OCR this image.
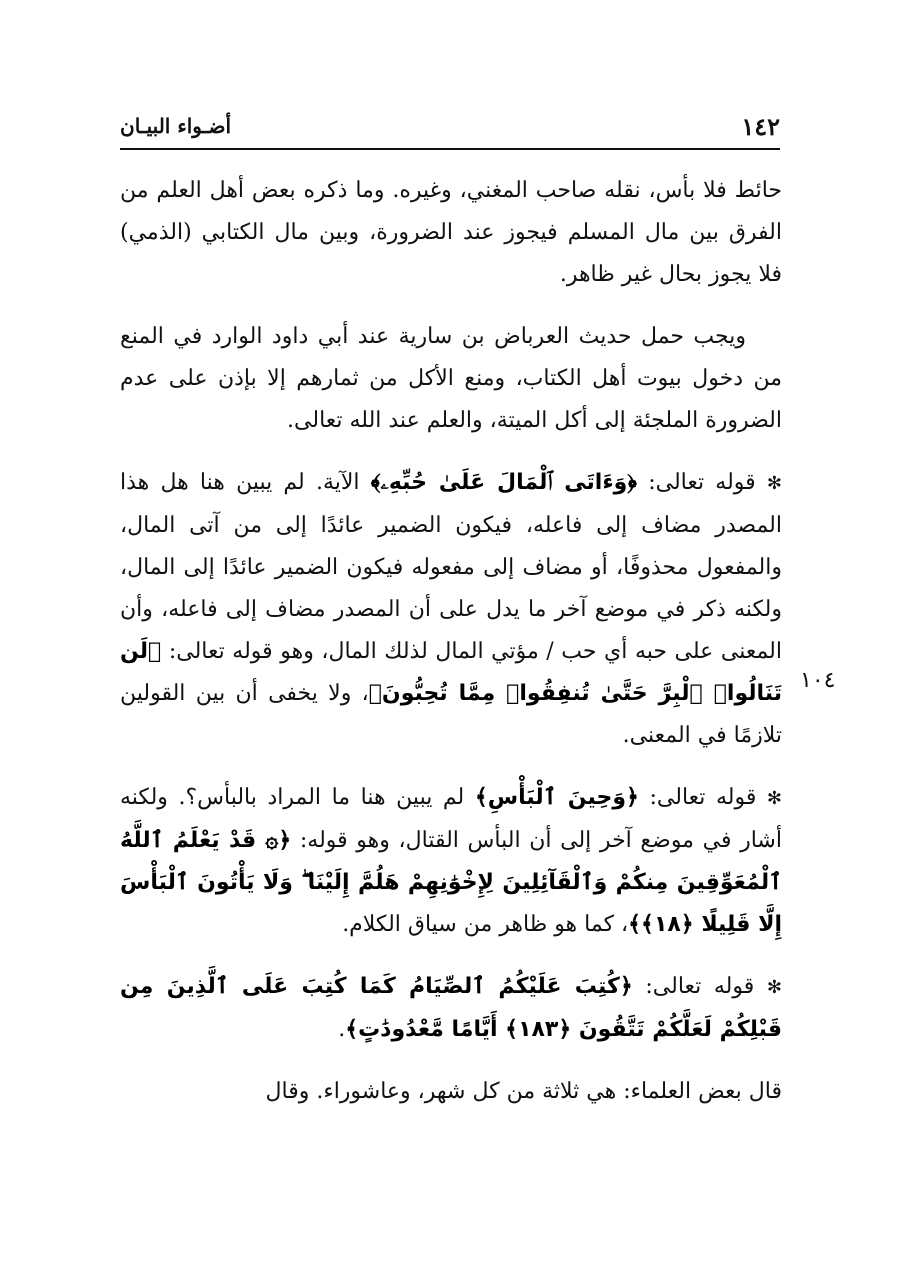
١٤٢
أضـواء البيـان
١٠٤

حائط فلا بأس، نقله صاحب المغني، وغيره. وما ذكره بعض أهل العلم من الفرق بين مال المسلم فيجوز عند الضرورة، وبين مال الكتابي (الذمي) فلا يجوز بحال غير ظاهر.

ويجب حمل حديث العرباض بن سارية عند أبي داود الوارد في المنع من دخول بيوت أهل الكتاب، ومنع الأكل من ثمارهم إلا بإذن على عدم الضرورة الملجئة إلى أكل الميتة، والعلم عند الله تعالى.

✻ قوله تعالى: ﴿وَءَاتَى ٱلْمَالَ عَلَىٰ حُبِّهِۦ﴾ الآية. لم يبين هنا هل هذا المصدر مضاف إلى فاعله، فيكون الضمير عائدًا إلى من آتى المال، والمفعول محذوفًا، أو مضاف إلى مفعوله فيكون الضمير عائدًا إلى المال، ولكنه ذكر في موضع آخر ما يدل على أن المصدر مضاف إلى فاعله، وأن المعنى على حبه أي حب / مؤتي المال لذلك المال، وهو قوله تعالى: ﴿لَن تَنَالُوا۟ ٱلْبِرَّ حَتَّىٰ تُنفِقُوا۟ مِمَّا تُحِبُّونَ﴾، ولا يخفى أن بين القولين تلازمًا في المعنى.

✻ قوله تعالى: ﴿وَحِينَ ٱلْبَأْسِ﴾ لم يبين هنا ما المراد بالبأس؟. ولكنه أشار في موضع آخر إلى أن البأس القتال، وهو قوله: ﴿۞ قَدْ يَعْلَمُ ٱللَّهُ ٱلْمُعَوِّقِينَ مِنكُمْ وَٱلْقَآئِلِينَ لِإِخْوَٰنِهِمْ هَلُمَّ إِلَيْنَا ۖ وَلَا يَأْتُونَ ٱلْبَأْسَ إِلَّا قَلِيلًا ﴿١٨﴾﴾، كما هو ظاهر من سياق الكلام.

✻ قوله تعالى: ﴿كُتِبَ عَلَيْكُمُ ٱلصِّيَامُ كَمَا كُتِبَ عَلَى ٱلَّذِينَ مِن قَبْلِكُمْ لَعَلَّكُمْ تَتَّقُونَ ﴿١٨٣﴾ أَيَّامًا مَّعْدُودَٰتٍ﴾.

قال بعض العلماء: هي ثلاثة من كل شهر، وعاشوراء. وقال
